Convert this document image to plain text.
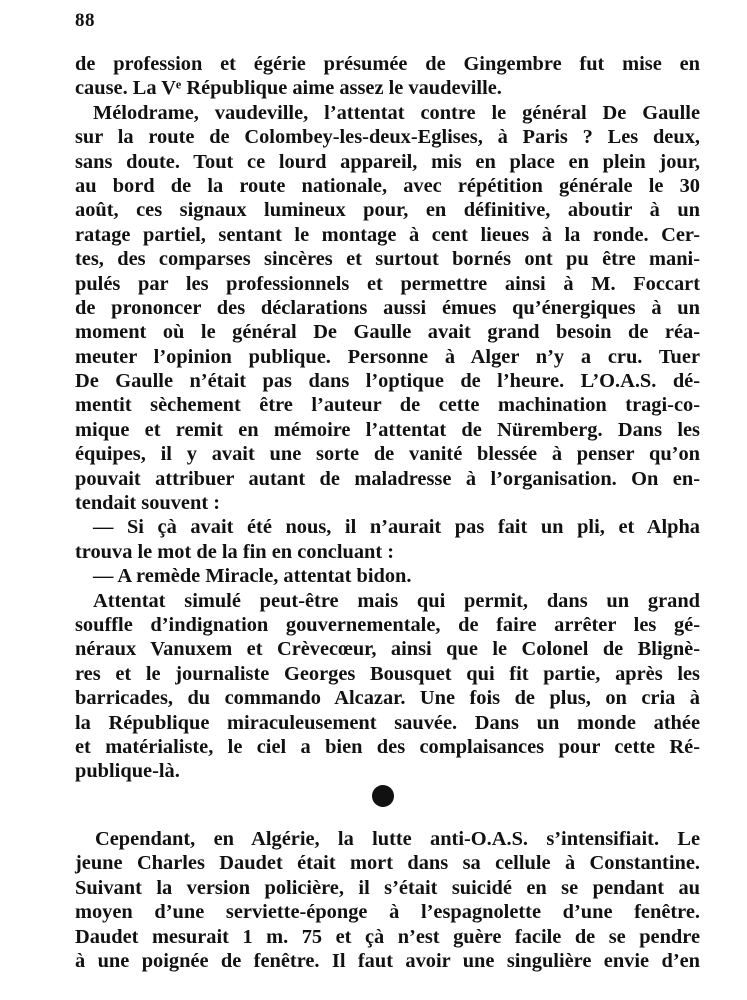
88
de profession et égérie présumée de Gingembre fut mise en
cause. La Vᵉ République aime assez le vaudeville.
Mélodrame, vaudeville, l’attentat contre le général De Gaulle
sur la route de Colombey-les-deux-Eglises, à Paris ? Les deux,
sans doute. Tout ce lourd appareil, mis en place en plein jour,
au bord de la route nationale, avec répétition générale le 30
août, ces signaux lumineux pour, en définitive, aboutir à un
ratage partiel, sentant le montage à cent lieues à la ronde. Cer-
tes, des comparses sincères et surtout bornés ont pu être mani-
pulés par les professionnels et permettre ainsi à M. Foccart
de prononcer des déclarations aussi émues qu’énergiques à un
moment où le général De Gaulle avait grand besoin de réa-
meuter l’opinion publique. Personne à Alger n’y a cru. Tuer
De Gaulle n’était pas dans l’optique de l’heure. L’O.A.S. dé-
mentit sèchement être l’auteur de cette machination tragi-co-
mique et remit en mémoire l’attentat de Nüremberg. Dans les
équipes, il y avait une sorte de vanité blessée à penser qu’on
pouvait attribuer autant de maladresse à l’organisation. On en-
tendait souvent :
— Si çà avait été nous, il n’aurait pas fait un pli, et Alpha
trouva le mot de la fin en concluant :
— A remède Miracle, attentat bidon.
Attentat simulé peut-être mais qui permit, dans un grand
souffle d’indignation gouvernementale, de faire arrêter les gé-
néraux Vanuxem et Crèvecœur, ainsi que le Colonel de Blignè-
res et le journaliste Georges Bousquet qui fit partie, après les
barricades, du commando Alcazar. Une fois de plus, on cria à
la République miraculeusement sauvée. Dans un monde athée
et matérialiste, le ciel a bien des complaisances pour cette Ré-
publique-là.
Cependant, en Algérie, la lutte anti-O.A.S. s’intensifiait. Le
jeune Charles Daudet était mort dans sa cellule à Constantine.
Suivant la version policière, il s’était suicidé en se pendant au
moyen d’une serviette-éponge à l’espagnolette d’une fenêtre.
Daudet mesurait 1 m. 75 et çà n’est guère facile de se pendre
à une poignée de fenêtre. Il faut avoir une singulière envie d’en
